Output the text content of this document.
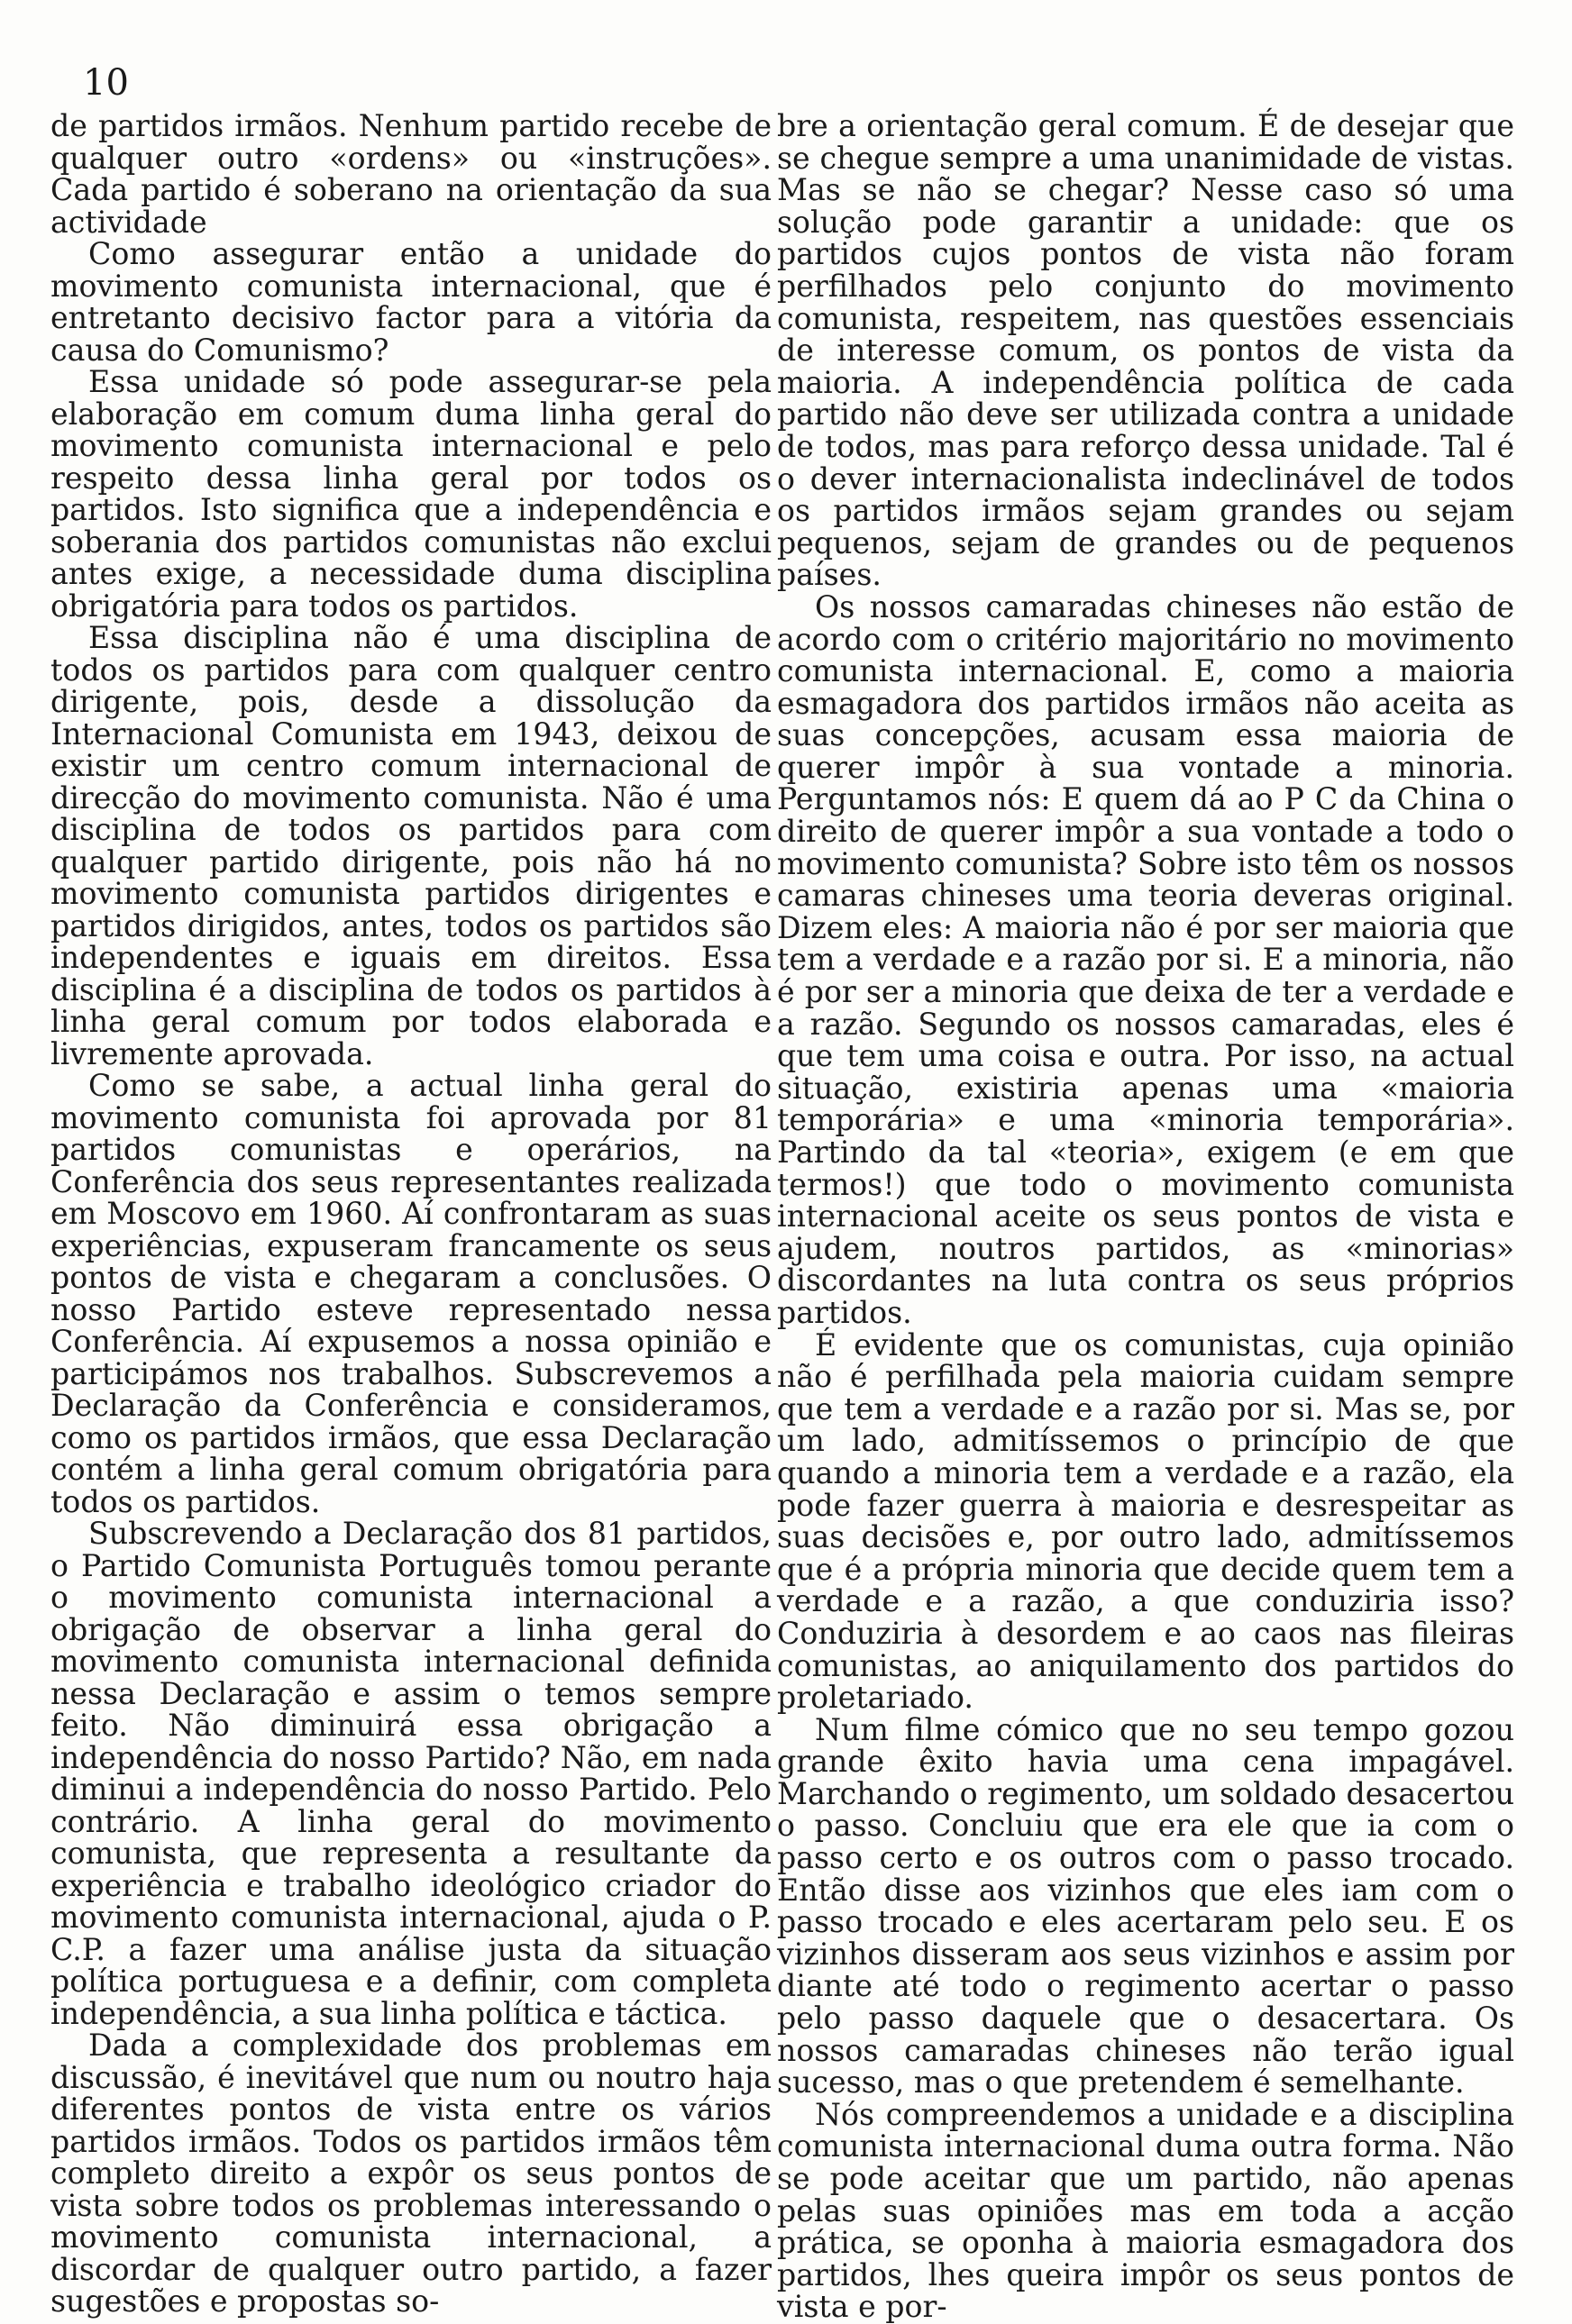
10

de partidos irmãos. Nenhum partido recebe de qualquer outro «ordens» ou «instruções». Cada partido é soberano na orientação da sua actividade

Como assegurar então a unidade do movimento comunista internacional, que é entretanto decisivo factor para a vitória da causa do Comunismo?

Essa unidade só pode assegurar-se pela elaboração em comum duma linha geral do movimento comunista internacional e pelo respeito dessa linha geral por todos os partidos. Isto significa que a independência e soberania dos partidos comunistas não exclui antes exige, a necessidade duma disciplina obrigatória para todos os partidos.

Essa disciplina não é uma disciplina de todos os partidos para com qualquer centro dirigente, pois, desde a dissolução da Internacional Comunista em 1943, deixou de existir um centro comum internacional de direcção do movimento comunista. Não é uma disciplina de todos os partidos para com qualquer partido dirigente, pois não há no movimento comunista partidos dirigentes e partidos dirigidos, antes, todos os partidos são independentes e iguais em direitos. Essa disciplina é a disciplina de todos os partidos à linha geral comum por todos elaborada e livremente aprovada.

Como se sabe, a actual linha geral do movimento comunista foi aprovada por 81 partidos comunistas e operários, na Conferência dos seus representantes realizada em Moscovo em 1960. Aí confrontaram as suas experiências, expuseram francamente os seus pontos de vista e chegaram a conclusões. O nosso Partido esteve representado nessa Conferência. Aí expusemos a nossa opinião e participámos nos trabalhos. Subscrevemos a Declaração da Conferência e consideramos, como os partidos irmãos, que essa Declaração contém a linha geral comum obrigatória para todos os partidos.

Subscrevendo a Declaração dos 81 partidos, o Partido Comunista Português tomou perante o movimento comunista internacional a obrigação de observar a linha geral do movimento comunista internacional definida nessa Declaração e assim o temos sempre feito. Não diminuirá essa obrigação a independência do nosso Partido? Não, em nada diminui a independência do nosso Partido. Pelo contrário. A linha geral do movimento comunista, que representa a resultante da experiência e trabalho ideológico criador do movimento comunista internacional, ajuda o P. C.P. a fazer uma análise justa da situação política portuguesa e a definir, com completa independência, a sua linha política e táctica.

Dada a complexidade dos problemas em discussão, é inevitável que num ou noutro haja diferentes pontos de vista entre os vários partidos irmãos. Todos os partidos irmãos têm completo direito a expôr os seus pontos de vista sobre todos os problemas interessando o movimento comunista internacional, a discordar de qualquer outro partido, a fazer sugestões e propostas so-

bre a orientação geral comum. É de desejar que se chegue sempre a uma unanimidade de vistas. Mas se não se chegar? Nesse caso só uma solução pode garantir a unidade: que os partidos cujos pontos de vista não foram perfilhados pelo conjunto do movimento comunista, respeitem, nas questões essenciais de interesse comum, os pontos de vista da maioria. A independência política de cada partido não deve ser utilizada contra a unidade de todos, mas para reforço dessa unidade. Tal é o dever internacionalista indeclinável de todos os partidos irmãos sejam grandes ou sejam pequenos, sejam de grandes ou de pequenos países.

Os nossos camaradas chineses não estão de acordo com o critério majoritário no movimento comunista internacional. E, como a maioria esmagadora dos partidos irmãos não aceita as suas concepções, acusam essa maioria de querer impôr à sua vontade a minoria. Perguntamos nós: E quem dá ao P C da China o direito de querer impôr a sua vontade a todo o movimento comunista? Sobre isto têm os nossos camaras chineses uma teoria deveras original. Dizem eles: A maioria não é por ser maioria que tem a verdade e a razão por si. E a minoria, não é por ser a minoria que deixa de ter a verdade e a razão. Segundo os nossos camaradas, eles é que tem uma coisa e outra. Por isso, na actual situação, existiria apenas uma «maioria temporária» e uma «minoria temporária». Partindo da tal «teoria», exigem (e em que termos!) que todo o movimento comunista internacional aceite os seus pontos de vista e ajudem, noutros partidos, as «minorias» discordantes na luta contra os seus próprios partidos.

É evidente que os comunistas, cuja opinião não é perfilhada pela maioria cuidam sempre que tem a verdade e a razão por si. Mas se, por um lado, admitíssemos o princípio de que quando a minoria tem a verdade e a razão, ela pode fazer guerra à maioria e desrespeitar as suas decisões e, por outro lado, admitíssemos que é a própria minoria que decide quem tem a verdade e a razão, a que conduziria isso? Conduziria à desordem e ao caos nas fileiras comunistas, ao aniquilamento dos partidos do proletariado.

Num filme cómico que no seu tempo gozou grande êxito havia uma cena impagável. Marchando o regimento, um soldado desacertou o passo. Concluiu que era ele que ia com o passo certo e os outros com o passo trocado. Então disse aos vizinhos que eles iam com o passo trocado e eles acertaram pelo seu. E os vizinhos disseram aos seus vizinhos e assim por diante até todo o regimento acertar o passo pelo passo daquele que o desacertara. Os nossos camaradas chineses não terão igual sucesso, mas o que pretendem é semelhante.

Nós compreendemos a unidade e a disciplina comunista internacional duma outra forma. Não se pode aceitar que um partido, não apenas pelas suas opiniões mas em toda a acção prática, se oponha à maioria esmagadora dos partidos, lhes queira impôr os seus pontos de vista e por-
